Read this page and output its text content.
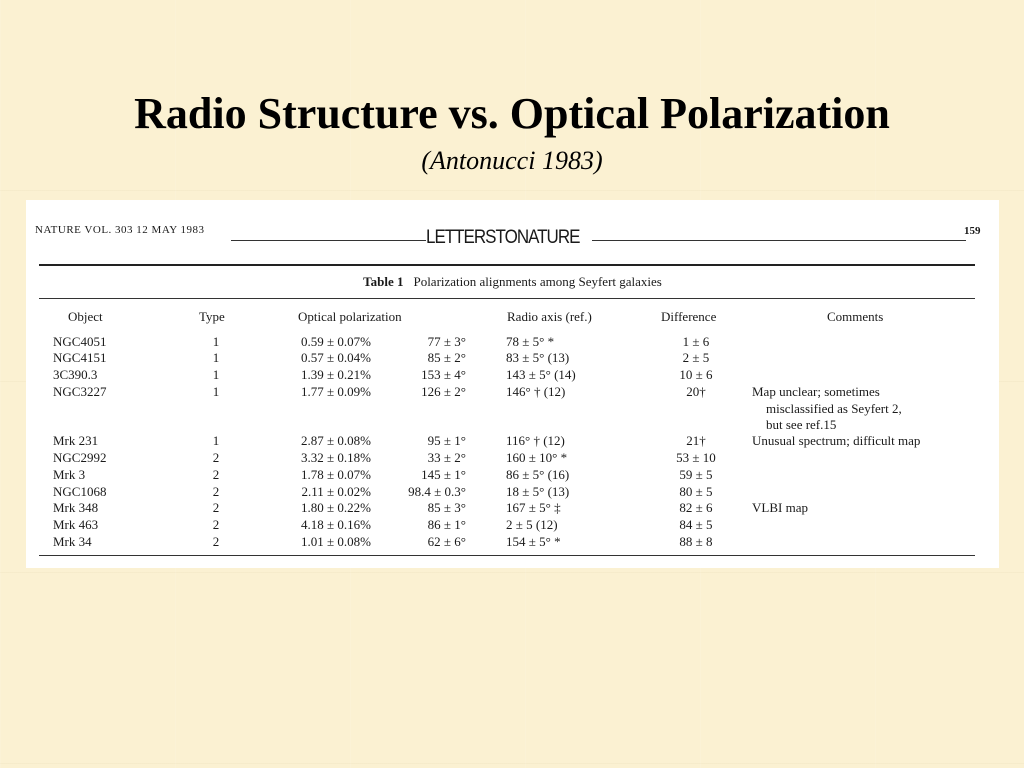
Radio Structure vs. Optical Polarization
(Antonucci 1983)
NATURE VOL. 303 12 MAY 1983	LETTERSTONATURE	159
Table 1 Polarization alignments among Seyfert galaxies
Object	Type	Optical polarization	Radio axis (ref.)	Difference	Comments
NGC4051	1	0.59 ± 0.07%	77 ± 3°	78 ± 5° *	1 ± 6
NGC4151	1	0.57 ± 0.04%	85 ± 2°	83 ± 5° (13)	2 ± 5
3C390.3	1	1.39 ± 0.21%	153 ± 4°	143 ± 5° (14)	10 ± 6
NGC3227	1	1.77 ± 0.09%	126 ± 2°	146° † (12)	20†	Map unclear; sometimes
misclassified as Seyfert 2,
but see ref.15
Mrk 231	1	2.87 ± 0.08%	95 ± 1°	116° † (12)	21†	Unusual spectrum; difficult map
NGC2992	2	3.32 ± 0.18%	33 ± 2°	160 ± 10° *	53 ± 10
Mrk 3	2	1.78 ± 0.07%	145 ± 1°	86 ± 5° (16)	59 ± 5
NGC1068	2	2.11 ± 0.02%	98.4 ± 0.3°	18 ± 5° (13)	80 ± 5
Mrk 348	2	1.80 ± 0.22%	85 ± 3°	167 ± 5° ‡	82 ± 6	VLBI map
Mrk 463	2	4.18 ± 0.16%	86 ± 1°	2 ± 5 (12)	84 ± 5
Mrk 34	2	1.01 ± 0.08%	62 ± 6°	154 ± 5° *	88 ± 8
